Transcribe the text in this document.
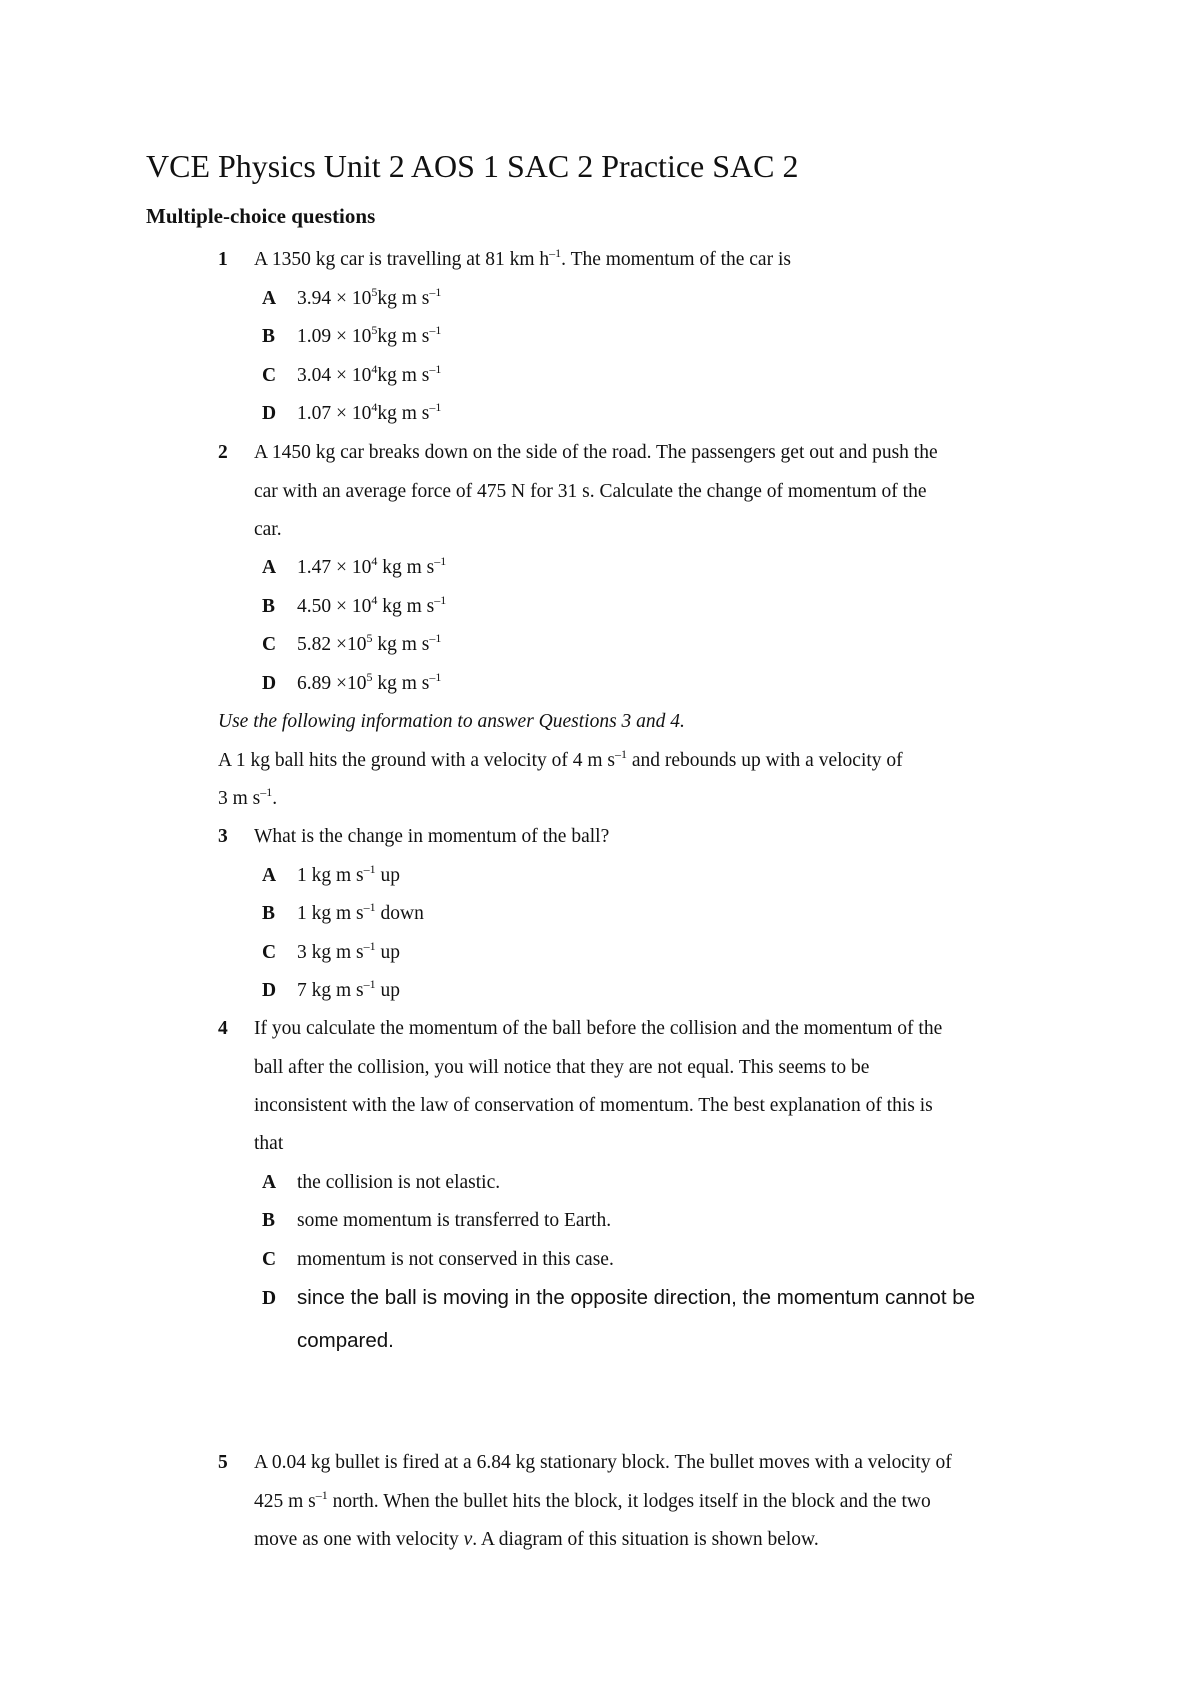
VCE Physics Unit 2 AOS 1 SAC 2 Practice SAC 2
Multiple-choice questions
1 A 1350 kg car is travelling at 81 km $h^{-1}$. The momentum of the car is
A $3.94 \times 10^5kg$ m $s^{-1}$
B $1.09 \times 10^5kg$ m $s^{-1}$
C $3.04 \times 10^4kg$ m $s^{-1}$
D $1.07 \times 10^4kg$ m $s^{-1}$
2 A 1450 kg car breaks down on the side of the road. The passengers get out and push the
car with an average force of 475 N for 31 s. Calculate the change of momentum of the
car.
A $1.47 \times 10^4$ kg m $s^{-1}$
B $4.50 \times 10^4$ kg m $s^{-1}$
C $5.82 \times 10^5$ kg m $s^{-1}$
D $6.89 \times 10^5$ kg m $s^{-1}$
Use the following information to answer Questions 3 and 4.
A 1 kg ball hits the ground with a velocity of 4 m $s^{-1}$ and rebounds up with a velocity of
3 m $s^{-1}$.
3 What is the change in momentum of the ball?
A 1 kg m $s^{-1}$ up
B 1 kg m $s^{-1}$ down
C 3 kg m $s^{-1}$ up
D 7 kg m $s^{-1}$ up
4 If you calculate the momentum of the ball before the collision and the momentum of the
ball after the collision, you will notice that they are not equal. This seems to be
inconsistent with the law of conservation of momentum. The best explanation of this is
that
A the collision is not elastic.
B some momentum is transferred to Earth.
C momentum is not conserved in this case.
D since the ball is moving in the opposite direction, the momentum cannot be
compared.
5 A 0.04 kg bullet is fired at a 6.84 kg stationary block. The bullet moves with a velocity of
425 m $s^{-1}$ north. When the bullet hits the block, it lodges itself in the block and the two
move as one with velocity v. A diagram of this situation is shown below.
